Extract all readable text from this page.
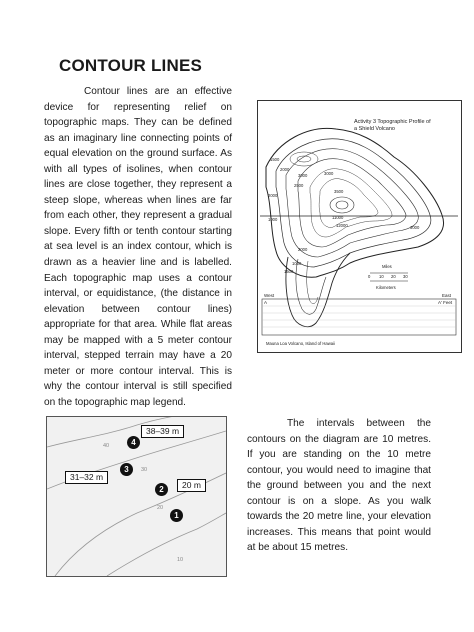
CONTOUR LINES

Contour lines are an effective device for representing relief on topographic maps. They can be defined as an imaginary line connecting points of equal elevation on the ground surface. As with all types of isolines, when contour lines are close together, they represent a steep slope, whereas when lines are far from each other, they represent a gradual slope. Every fifth or tenth contour starting at sea level is an index contour, which is drawn as a heavier line and is labelled. Each topographic map uses a contour interval, or equidistance, (the distance in elevation between contour lines) appropriate for that area. While flat areas may be mapped with a 5 meter contour interval, stepped terrain may have a 20 meter or more contour interval. This is why the contour interval is still specified on the topographic map legend.

Activity 3 Topographic Profile of a Shield Volcano
1500
2000
3000
2500
3000
3500
2000
1000	11000
12000	3000
2000
1000
1500
Miles
0 10 20 30
Kilometers
West
A
East
A' Feet
Mauna Loa Volcano, Island of Hawaii
40
30
20
10
4
3
2
1
38–39 m
31–32 m
20 m

The intervals between the contours on the diagram are 10 metres. If you are standing on the 10 metre contour, you would need to imagine that the ground between you and the next contour is on a slope. As you walk towards the 20 metre line, your elevation increases. This means that point would at be about 15 metres.
